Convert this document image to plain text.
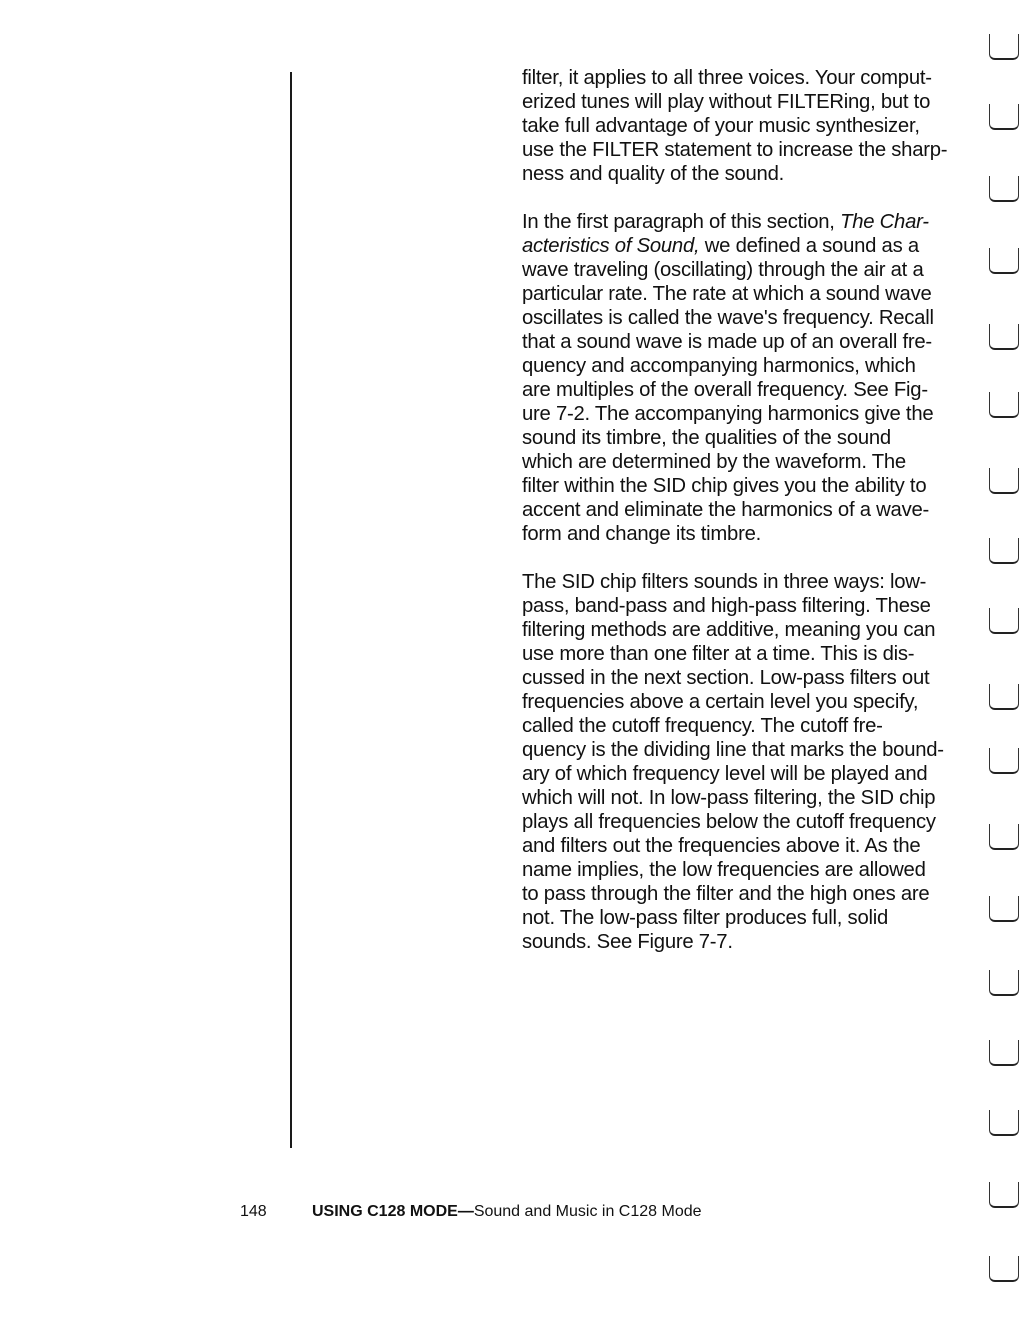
filter, it applies to all three voices. Your comput-
erized tunes will play without FILTERing, but to
take full advantage of your music synthesizer,
use the FILTER statement to increase the sharp-
ness and quality of the sound.

In the first paragraph of this section, The Char-
acteristics of Sound, we defined a sound as a
wave traveling (oscillating) through the air at a
particular rate. The rate at which a sound wave
oscillates is called the wave's frequency. Recall
that a sound wave is made up of an overall fre-
quency and accompanying harmonics, which
are multiples of the overall frequency. See Fig-
ure 7-2. The accompanying harmonics give the
sound its timbre, the qualities of the sound
which are determined by the waveform. The
filter within the SID chip gives you the ability to
accent and eliminate the harmonics of a wave-
form and change its timbre.

The SID chip filters sounds in three ways: low-
pass, band-pass and high-pass filtering. These
filtering methods are additive, meaning you can
use more than one filter at a time. This is dis-
cussed in the next section. Low-pass filters out
frequencies above a certain level you specify,
called the cutoff frequency. The cutoff fre-
quency is the dividing line that marks the bound-
ary of which frequency level will be played and
which will not. In low-pass filtering, the SID chip
plays all frequencies below the cutoff frequency
and filters out the frequencies above it. As the
name implies, the low frequencies are allowed
to pass through the filter and the high ones are
not. The low-pass filter produces full, solid
sounds. See Figure 7-7.

148	USING C128 MODE—Sound and Music in C128 Mode
